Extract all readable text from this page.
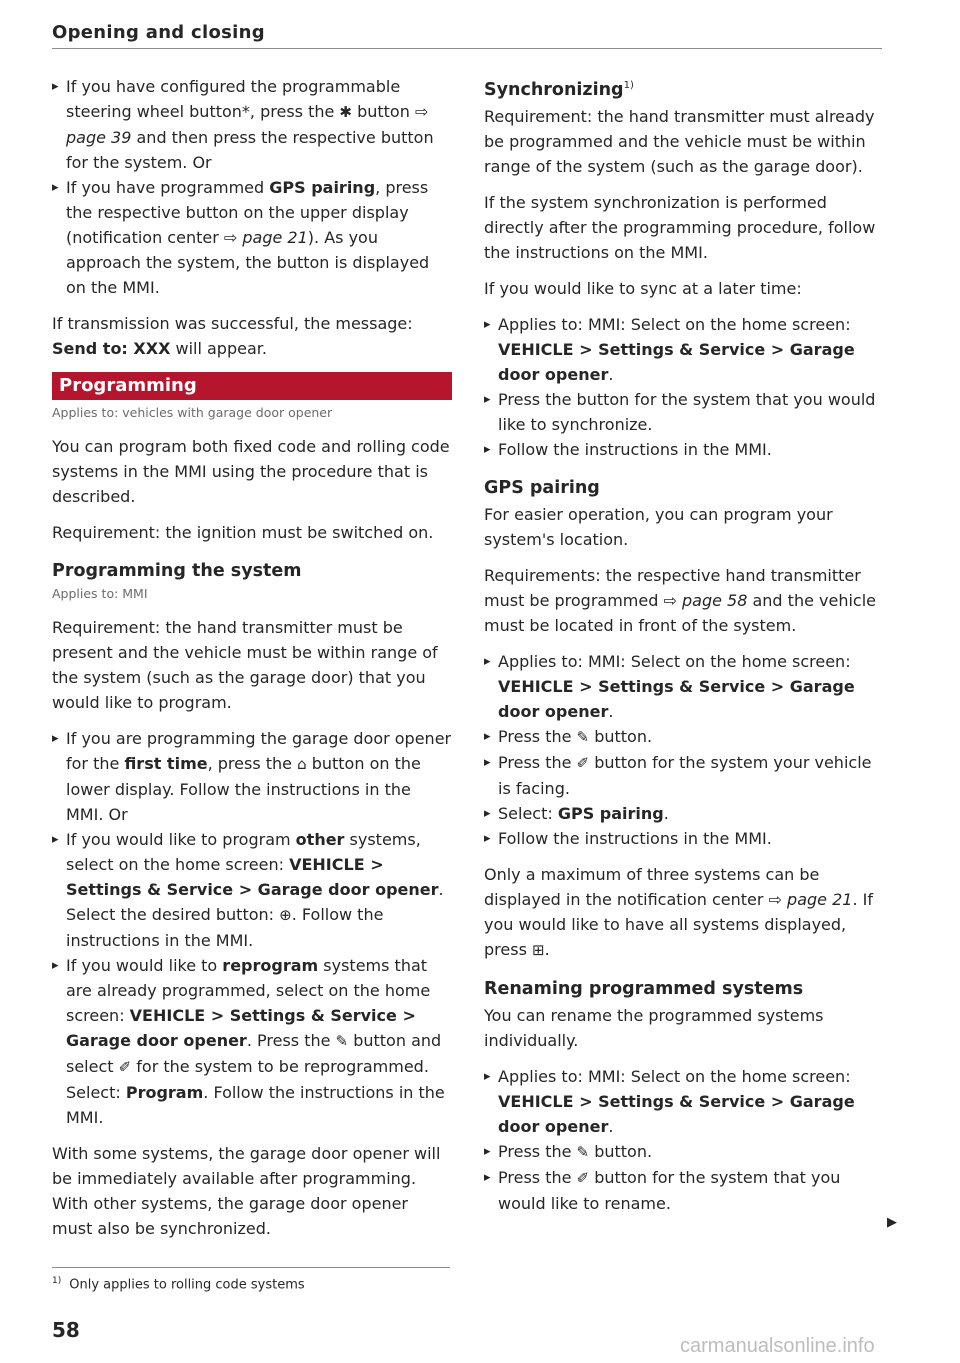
Opening and closing

▸ If you have configured the programmable steering wheel button*, press the ✱ button ⇨ page 39 and then press the respective button for the system. Or

▸ If you have programmed GPS pairing, press the respective button on the upper display (notification center ⇨ page 21). As you approach the system, the button is displayed on the MMI.

If transmission was successful, the message:
Send to: XXX will appear.

Programming

Applies to: vehicles with garage door opener

You can program both fixed code and rolling code systems in the MMI using the procedure that is described.

Requirement: the ignition must be switched on.

Programming the system

Applies to: MMI

Requirement: the hand transmitter must be present and the vehicle must be within range of the system (such as the garage door) that you would like to program.

▸ If you are programming the garage door opener for the first time, press the ⌂ button on the lower display. Follow the instructions in the MMI. Or

▸ If you would like to program other systems, select on the home screen: VEHICLE > Settings & Service > Garage door opener. Select the desired button: ⊕. Follow the instructions in the MMI.

▸ If you would like to reprogram systems that are already programmed, select on the home screen: VEHICLE > Settings & Service > Garage door opener. Press the ✎ button and select ✐ for the system to be reprogrammed. Select: Program. Follow the instructions in the MMI.

With some systems, the garage door opener will be immediately available after programming. With other systems, the garage door opener must also be synchronized.

Synchronizing$^{1)}$

Requirement: the hand transmitter must already be programmed and the vehicle must be within range of the system (such as the garage door).

If the system synchronization is performed directly after the programming procedure, follow the instructions on the MMI.

If you would like to sync at a later time:

▸ Applies to: MMI: Select on the home screen: VEHICLE > Settings & Service > Garage door opener.

▸ Press the button for the system that you would like to synchronize.

▸ Follow the instructions in the MMI.

GPS pairing

For easier operation, you can program your system's location.

Requirements: the respective hand transmitter must be programmed ⇨ page 58 and the vehicle must be located in front of the system.

▸ Applies to: MMI: Select on the home screen: VEHICLE > Settings & Service > Garage door opener.

▸ Press the ✎ button.

▸ Press the ✐ button for the system your vehicle is facing.

▸ Select: GPS pairing.

▸ Follow the instructions in the MMI.

Only a maximum of three systems can be displayed in the notification center ⇨ page 21. If you would like to have all systems displayed, press ⊞.

Renaming programmed systems

You can rename the programmed systems individually.

▸ Applies to: MMI: Select on the home screen: VEHICLE > Settings & Service > Garage door opener.

▸ Press the ✎ button.

▸ Press the ✐ button for the system that you would like to rename.

▶
$^{1)}$ Only applies to rolling code systems
58
carmanualsonline.info
